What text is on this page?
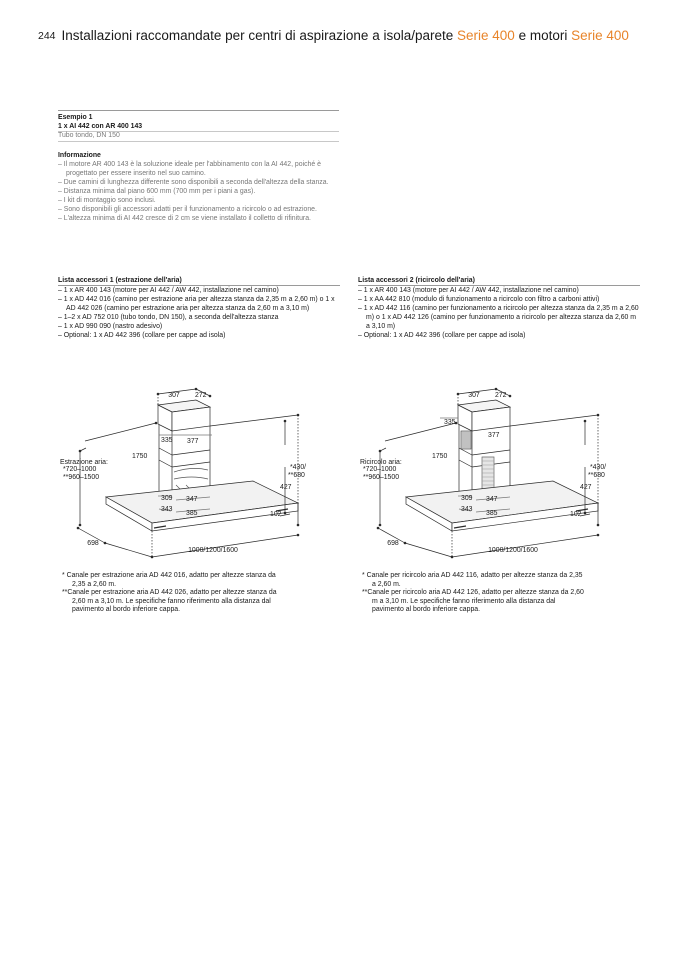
244 Installazioni raccomandate per centri di aspirazione a isola/parete Serie 400 e motori Serie 400
Esempio 1
1 x AI 442 con AR 400 143
Tubo tondo, DN 150
Informazione
– Il motore AR 400 143 è la soluzione ideale per l'abbinamento con la AI 442, poiché è progettato per essere inserito nel suo camino.
– Due camini di lunghezza differente sono disponibili a seconda dell'altezza della stanza.
– Distanza minima dal piano 600 mm (700 mm per i piani a gas).
– I kit di montaggio sono inclusi.
– Sono disponibili gli accessori adatti per il funzionamento a ricircolo o ad estrazione.
– L'altezza minima di AI 442 cresce di 2 cm se viene installato il colletto di rifinitura.
Lista accessori 1 (estrazione dell'aria)
– 1 x AR 400 143 (motore per AI 442 / AW 442, installazione nel camino)
– 1 x AD 442 016 (camino per estrazione aria per altezza stanza da 2,35 m a 2,60 m) o 1 x AD 442 026 (camino per estrazione aria per altezza stanza da 2,60 m a 3,10 m)
– 1–2 x AD 752 010 (tubo tondo, DN 150), a seconda dell'altezza stanza
– 1 x AD 990 090 (nastro adesivo)
– Optional: 1 x AD 442 396 (collare per cappe ad isola)
Lista accessori 2 (ricircolo dell'aria)
– 1 x AR 400 143 (motore per AI 442 / AW 442, installazione nel camino)
– 1 x AA 442 810 (modulo di funzionamento a ricircolo con filtro a carboni attivi)
– 1 x AD 442 116 (camino per funzionamento a ricircolo per altezza stanza da 2,35 m a 2,60 m) o 1 x AD 442 126 (camino per funzionamento a ricircolo per altezza stanza da 2,60 m a 3,10 m)
– Optional: 1 x AD 442 396 (collare per cappe ad isola)
307 272
335 377
1750
*430/
**680
427
309 347
343
385	102
698
1000/1200/1600
Estrazione aria:
*720–1000
**960–1500
307 272
335
377
1750
*430/
**680
427
309 347
343
385	102
698
1000/1200/1600
Ricircolo aria:
*720–1000
**960–1500
* Canale per estrazione aria AD 442 016, adatto per altezze stanza da 2,35 a 2,60 m.
**Canale per estrazione aria AD 442 026, adatto per altezze stanza da 2,60 m a 3,10 m. Le specifiche fanno riferimento alla distanza dal pavimento al bordo inferiore cappa.
* Canale per ricircolo aria AD 442 116, adatto per altezze stanza da 2,35 a 2,60 m.
**Canale per ricircolo aria AD 442 126, adatto per altezze stanza da 2,60 m a 3,10 m. Le specifiche fanno riferimento alla distanza dal pavimento al bordo inferiore cappa.
